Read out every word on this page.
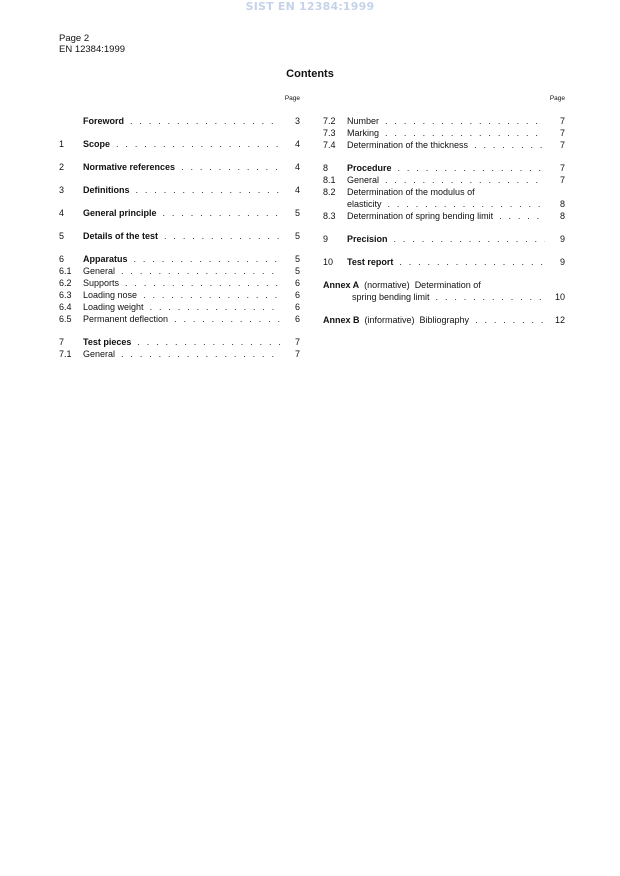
SIST EN 12384:1999
Page 2
EN 12384:1999
Contents
Page
Foreword . . .	3
1	Scope . . .	4
2	Normative references . . .	4
3	Definitions . . .	4
4	General principle . . .	5
5	Details of the test . . .	5
6	Apparatus . . .	5
6.1	General . . .	5
6.2	Supports . . .	6
6.3	Loading nose . . .	6
6.4	Loading weight . . .	6
6.5	Permanent deflection . . .	6
7	Test pieces . . .	7
7.1	General . . .	7
Page
7.2	Number . . .	7
7.3	Marking . . .	7
7.4	Determination of the thickness . . .	7
8	Procedure . . .	7
8.1	General . . .	7
8.2	Determination of the modulus of
elasticity . . .	8
8.3	Determination of spring bending limit . . .	8
9	Precision . . .	9
10	Test report . . .	9
Annex A (normative) Determination of
spring bending limit . . .	10
Annex B (informative) Bibliography . . .	12
